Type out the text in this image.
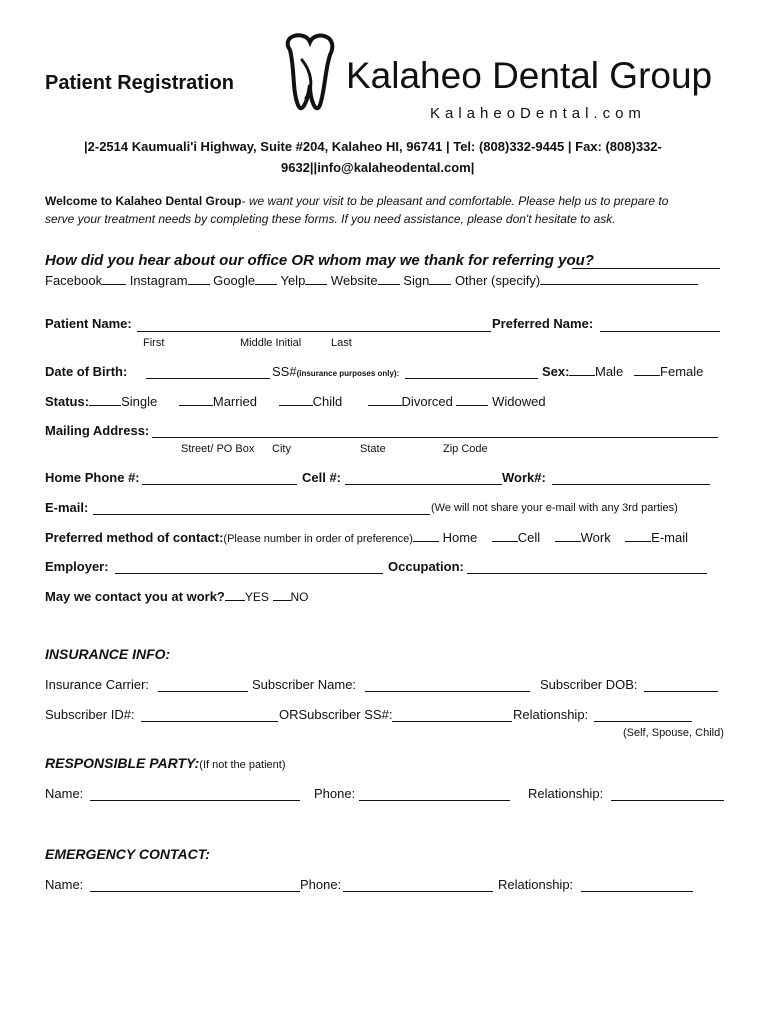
Patient Registration	Kalaheo Dental Group
KalaheoDental.com
|2-2514 Kaumuali'i Highway, Suite #204, Kalaheo HI, 96741 | Tel: (808)332-9445 | Fax: (808)332-
9632||info@kalaheodental.com|
Welcome to Kalaheo Dental Group- we want your visit to be pleasant and comfortable. Please help us to prepare to
serve your treatment needs by completing these forms. If you need assistance, please don't hesitate to ask.
How did you hear about our office OR whom may we thank for referring you?
Facebook Instagram Google Yelp Website Sign Other (specify)
Patient Name:	Preferred Name:
First	Middle Initial	Last
Date of Birth:	SS#(insurance purposes only):	Sex:	Male	Female
Status: Single	Married	Child	Divorced	Widowed
Mailing Address:
Street/ PO Box City	State	Zip Code
Home Phone #:	Cell #:	Work#:
E-mail:	(We will not share your e-mail with any 3rd parties)
Preferred method of contact:(Please number in order of preference) Home	Cell	Work	E-mail
Employer:	Occupation:
May we contact you at work? YES NO
INSURANCE INFO:
Insurance Carrier:	Subscriber Name:	Subscriber DOB:
Subscriber ID#:	ORSubscriber SS#:	Relationship:
(Self, Spouse, Child)
RESPONSIBLE PARTY:(If not the patient)
Name:	Phone:	Relationship:
EMERGENCY CONTACT:
Name:	Phone:	Relationship:
